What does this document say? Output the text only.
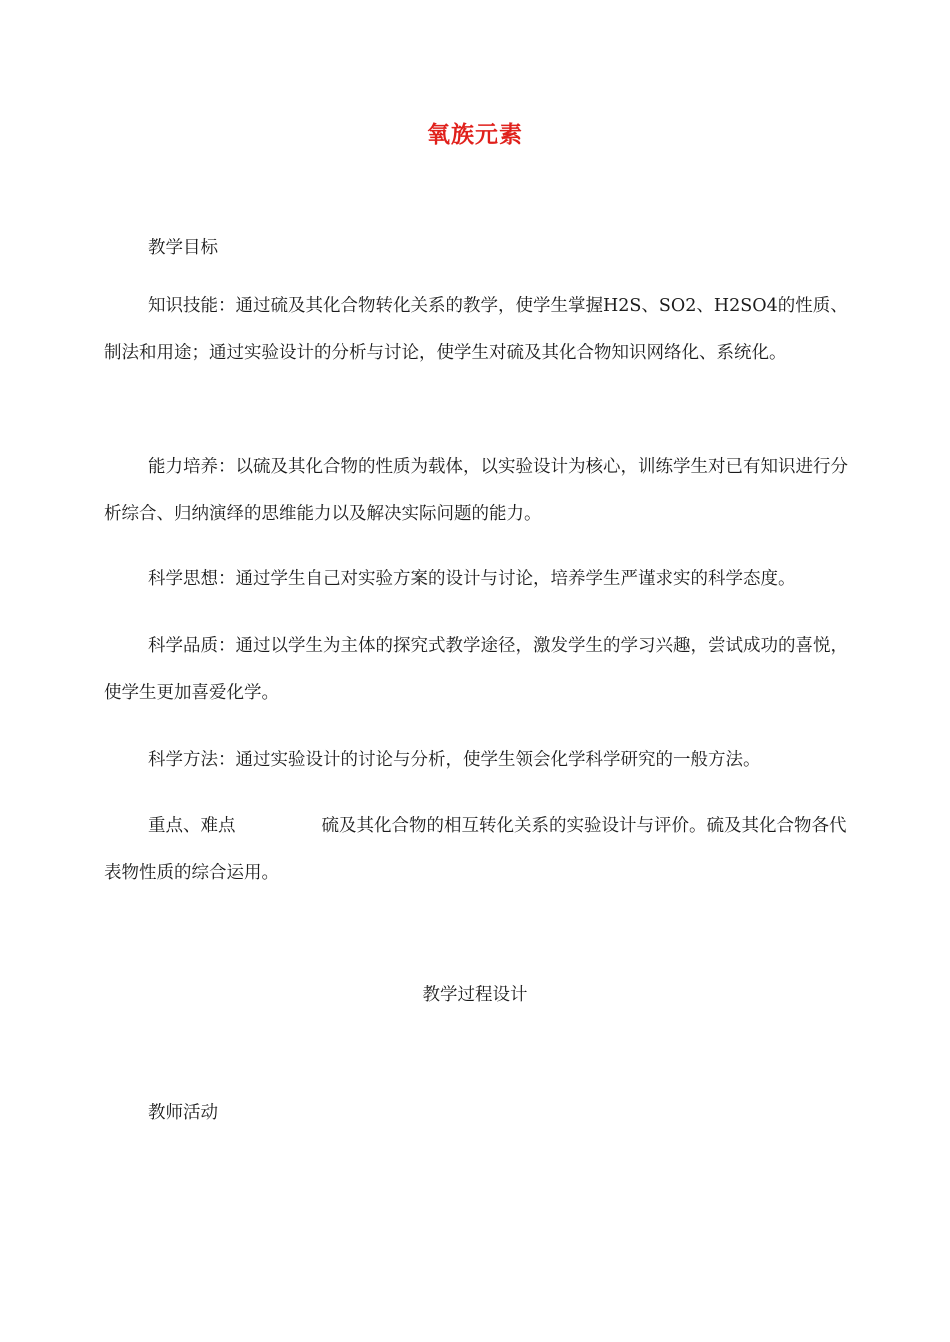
氧族元素

教学目标

知识技能：通过硫及其化合物转化关系的教学，使学生掌握H2S、SO2、H2SO4的性质、制法和用途；通过实验设计的分析与讨论，使学生对硫及其化合物知识网络化、系统化。

能力培养：以硫及其化合物的性质为载体，以实验设计为核心，训练学生对已有知识进行分析综合、归纳演绎的思维能力以及解决实际问题的能力。

科学思想：通过学生自己对实验方案的设计与讨论，培养学生严谨求实的科学态度。

科学品质：通过以学生为主体的探究式教学途径，激发学生的学习兴趣，尝试成功的喜悦，使学生更加喜爱化学。

科学方法：通过实验设计的讨论与分析，使学生领会化学科学研究的一般方法。

重点、难点	硫及其化合物的相互转化关系的实验设计与评价。硫及其化合物各代表物性质的综合运用。

教学过程设计

教师活动
